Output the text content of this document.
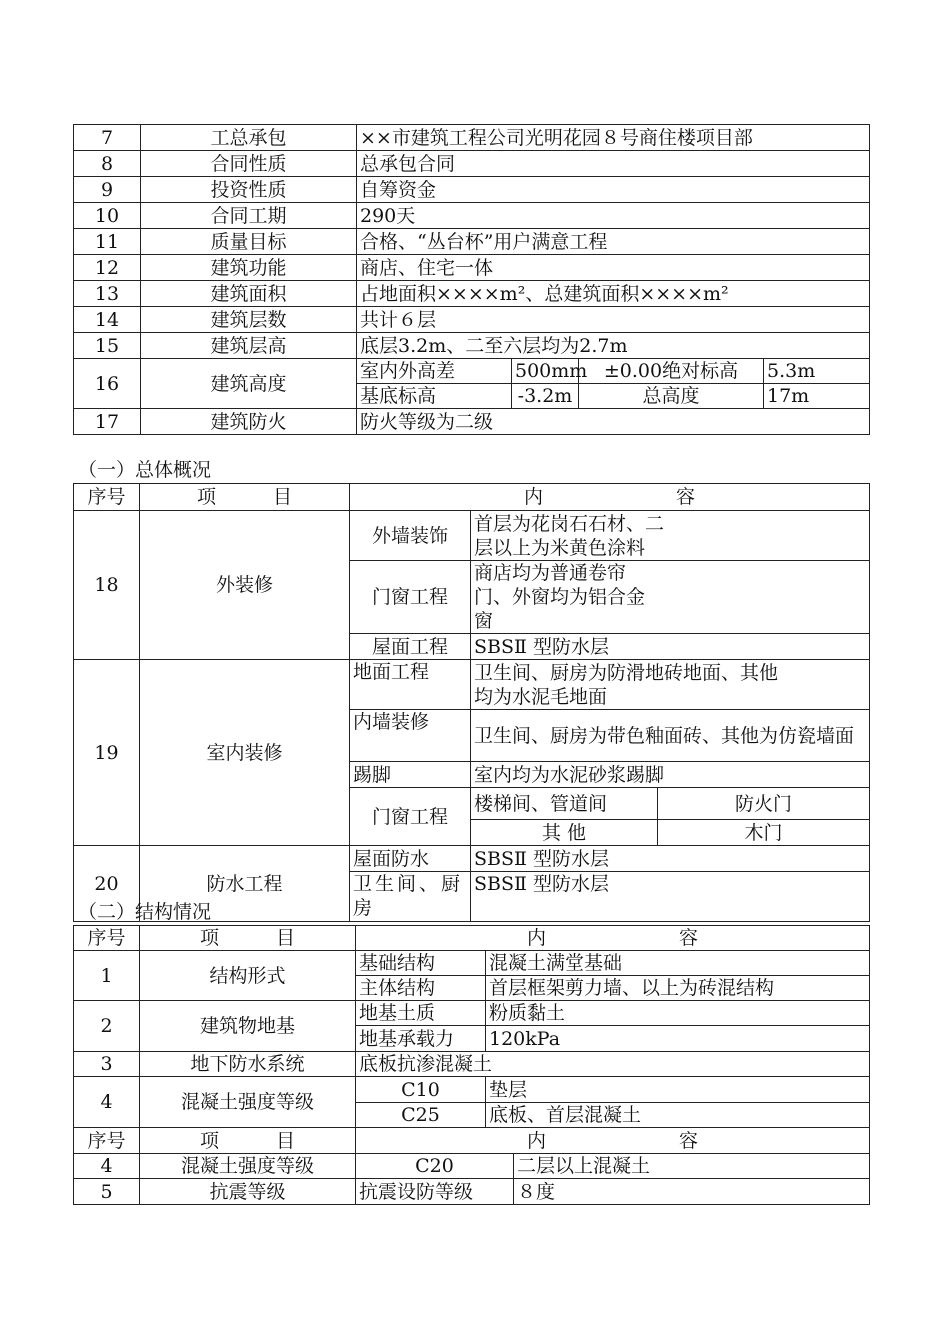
7	工总承包	××市建筑工程公司光明花园８号商住楼项目部			
8	合同性质	总承包合同			
9	投资性质	自筹资金			
10	合同工期	290天			
11	质量目标	合格、“丛台杯”用户满意工程			
12	建筑功能	商店、住宅一体			
13	建筑面积	占地面积××××m²、总建筑面积××××m²			
14	建筑层数	共计６层			
15	建筑层高	底层3.2m、二至六层均为2.7m			
16	建筑高度	室内外高差	500mm	±0.00绝对标高	5.3m
		基底标高	-3.2m	总高度	17m
17	建筑防火	防火等级为二级			
（一）总体概况
序号	项　　　目	内　　　　　　　容		
18	外装修	外墙装饰	首层为花岗石石材、二层以上为米黄色涂料	
		门窗工程	商店均为普通卷帘门、外窗均为铝合金窗	
		屋面工程	SBSⅡ 型防水层	
19	室内装修	地面工程	卫生间、厨房为防滑地砖地面、其他均为水泥毛地面	
		内墙装修	卫生间、厨房为带色釉面砖、其他为仿瓷墙面	
		踢脚	室内均为水泥砂浆踢脚	
		门窗工程	楼梯间、管道间	防火门
			其 他	木门
20	防水工程	屋面防水	SBSⅡ 型防水层	
		卫生间、厨房	SBSⅡ 型防水层	
（二）结构情况
序号	项　　　目	内　　　　　　　容		
1	结构形式	基础结构	混凝土满堂基础	
		主体结构	首层框架剪力墙、以上为砖混结构	
2	建筑物地基	地基土质	粉质黏土	
		地基承载力	120kPa	
3	地下防水系统	底板抗渗混凝土		
4	混凝土强度等级	C10	垫层	
		C25	底板、首层混凝土	
序号	项　　　目	内　　　　　　　容		
4	混凝土强度等级	C20		二层以上混凝土
5	抗震等级	抗震设防等级		８度
